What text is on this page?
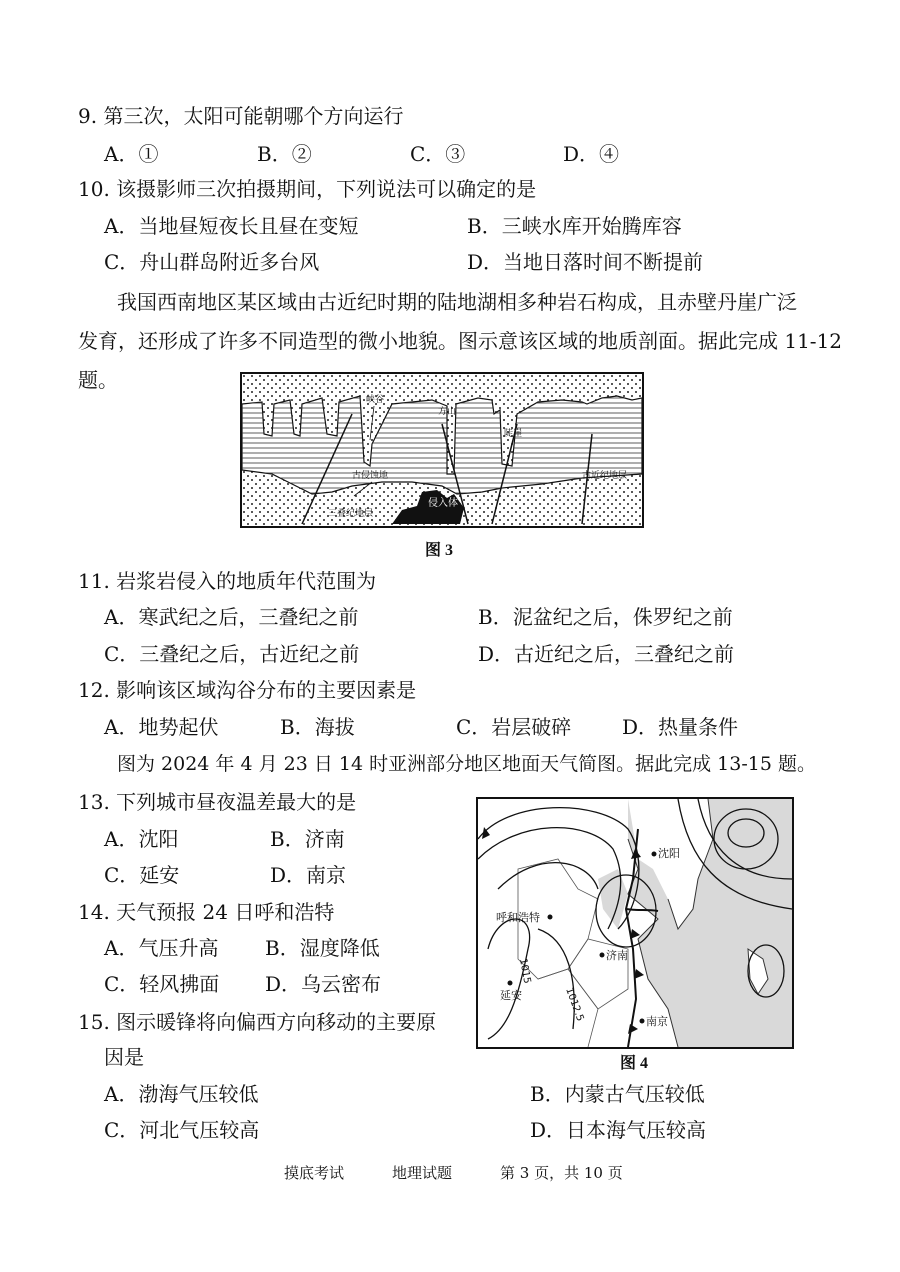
9. 第三次，太阳可能朝哪个方向运行
A．①	B．②	C．③	D．④
10. 该摄影师三次拍摄期间，下列说法可以确定的是
A．当地昼短夜长且昼在变短	B．三峡水库开始腾库容
C．舟山群岛附近多台风	D．当地日落时间不断提前
我国西南地区某区域由古近纪时期的陆地湖相多种岩石构成，且赤壁丹崖广泛
发育，还形成了许多不同造型的微小地貌。图示意该区域的地质剖面。据此完成 11-12
题。
峡谷
方山
陡崖
古近纪地层
古侵蚀地
三叠纪地层
侵入体
图 3
11. 岩浆岩侵入的地质年代范围为
A．寒武纪之后，三叠纪之前	B．泥盆纪之后，侏罗纪之前
C．三叠纪之后，古近纪之前	D．古近纪之后，三叠纪之前
12. 影响该区域沟谷分布的主要因素是
A．地势起伏	B．海拔	C．岩层破碎	D．热量条件
图为 2024 年 4 月 23 日 14 时亚洲部分地区地面天气简图。据此完成 13-15 题。
13. 下列城市昼夜温差最大的是
A．沈阳	B．济南
C．延安	D．南京
14. 天气预报 24 日呼和浩特
A．气压升高 B．湿度降低
C．轻风拂面 D．乌云密布
15. 图示暖锋将向偏西方向移动的主要原
因是
A．渤海气压较低	B．内蒙古气压较低
C．河北气压较高	D．日本海气压较高
沈阳
呼和浩特
济南
延安
南京
1015
1012.5
图 4
摸底考试	地理试题	第 3 页，共 10 页
